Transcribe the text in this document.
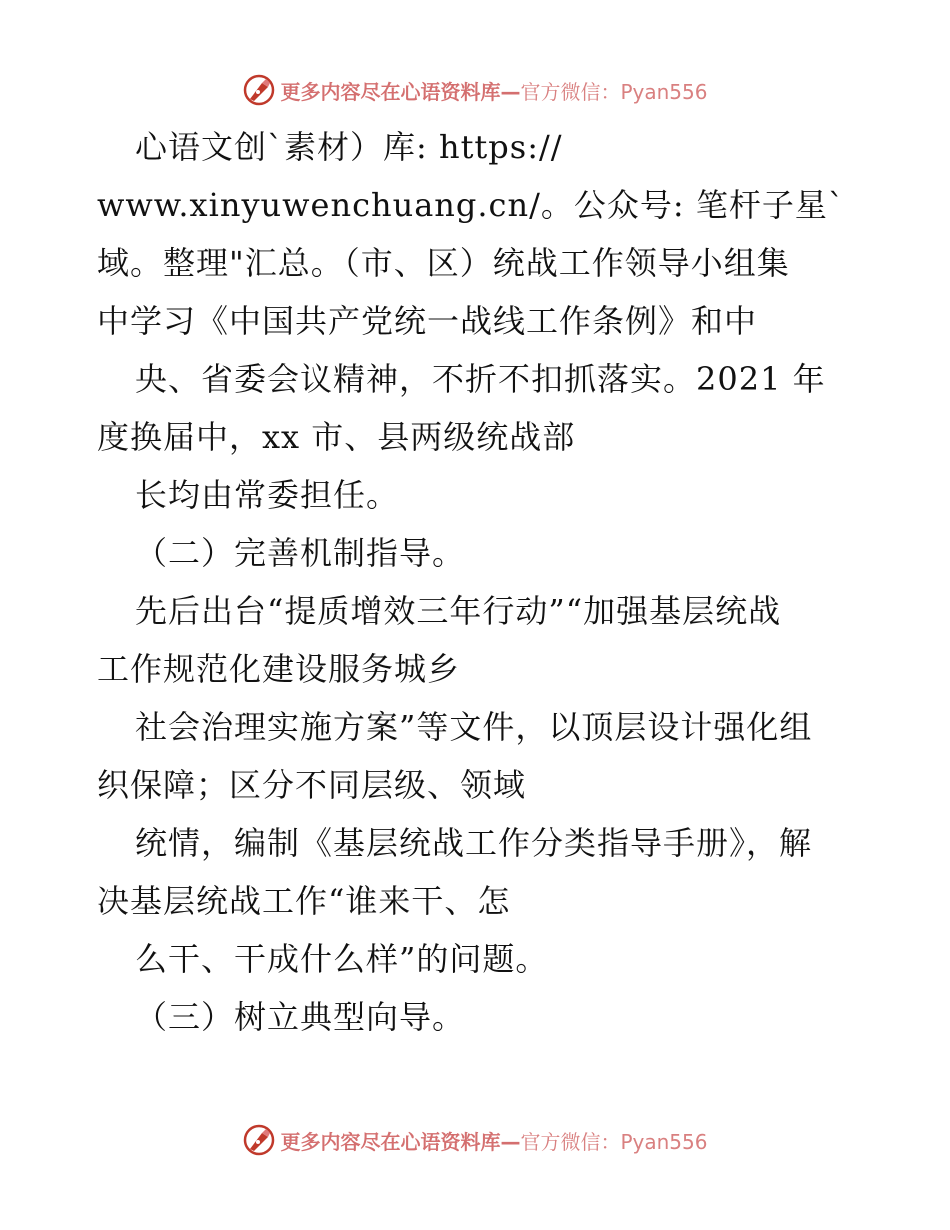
更多内容尽在心语资料库—官方微信：Pyan556
心语文创`素材）库: https://
www.xinyuwenchuang.cn/。公众号: 笔杆子星`
域。整理"汇总。（市、区）统战工作领导小组集
中学习《中国共产党统一战线工作条例》和中
央、省委会议精神，不折不扣抓落实。2021 年
度换届中，xx 市、县两级统战部
长均由常委担任。
（二）完善机制指导。
先后出台“提质增效三年行动”“加强基层统战
工作规范化建设服务城乡
社会治理实施方案”等文件，以顶层设计强化组
织保障；区分不同层级、领域
统情，编制《基层统战工作分类指导手册》，解
决基层统战工作“谁来干、怎
么干、干成什么样”的问题。
（三）树立典型向导。
更多内容尽在心语资料库—官方微信：Pyan556
